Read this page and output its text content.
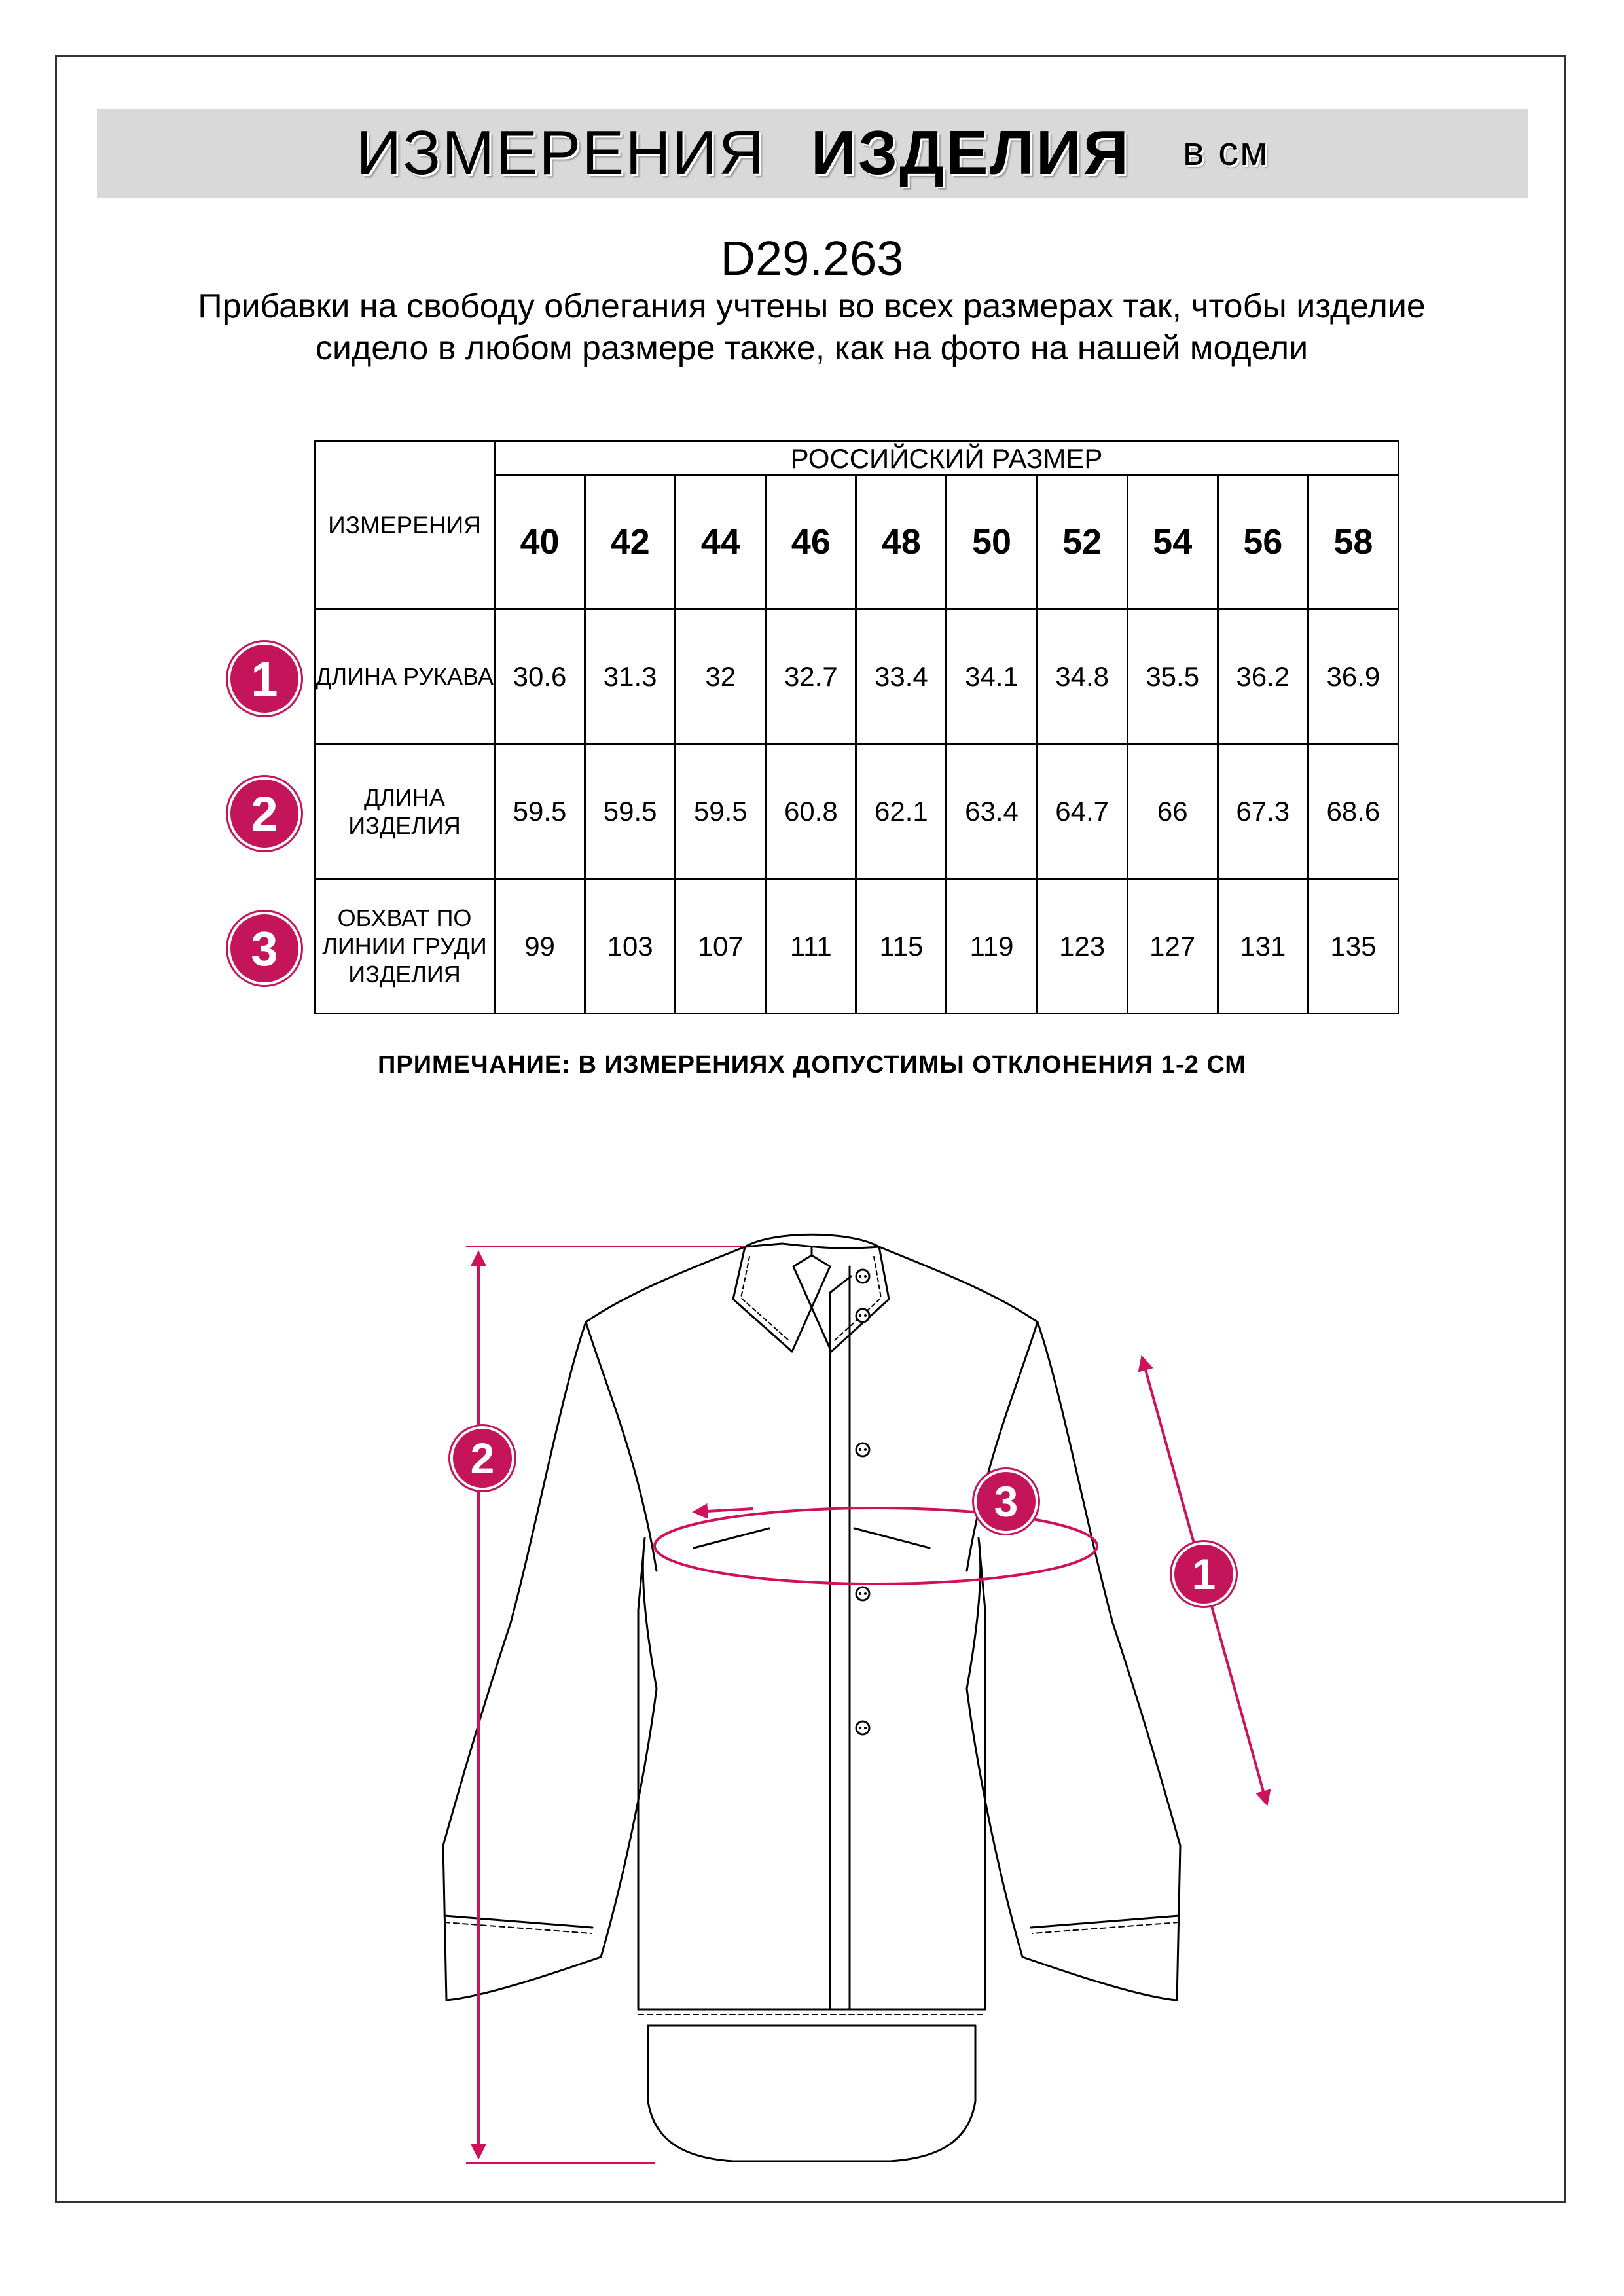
ИЗМЕРЕНИЯ ИЗДЕЛИЯ в см
D29.263
Прибавки на свободу облегания учтены во всех размерах так, чтобы изделие сидело в любом размере также, как на фото на нашей модели
ИЗМЕРЕНИЯ	РОССИЙСКИЙ РАЗМЕР									
	40	42	44	46	48	50	52	54	56	58
ДЛИНА РУКАВА	30.6	31.3	32	32.7	33.4	34.1	34.8	35.5	36.2	36.9
ДЛИНА ИЗДЕЛИЯ	59.5	59.5	59.5	60.8	62.1	63.4	64.7	66	67.3	68.6
ОБХВАТ ПО ЛИНИИ ГРУДИ ИЗДЕЛИЯ	99	103	107	111	115	119	123	127	131	135
1
2
3
ПРИМЕЧАНИЕ: В ИЗМЕРЕНИЯХ ДОПУСТИМЫ ОТКЛОНЕНИЯ 1-2 СМ
2
3
1
